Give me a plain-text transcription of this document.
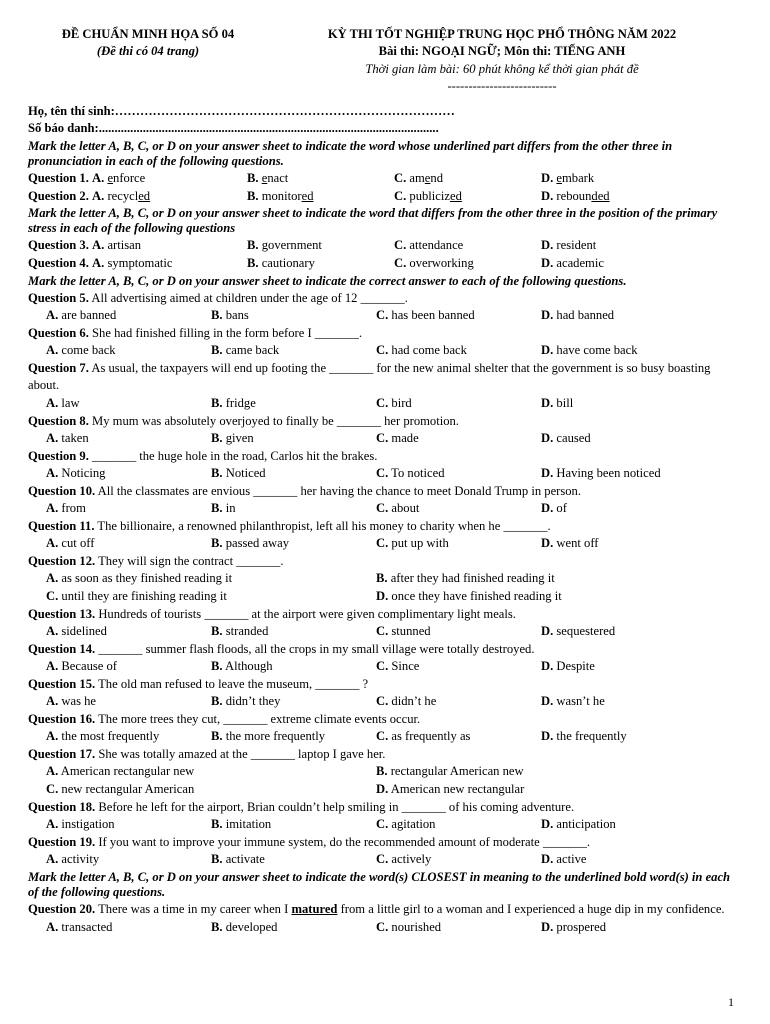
ĐỀ CHUẨN MINH HỌA SỐ 04
(Đề thi có 04 trang)
KỲ THI TỐT NGHIỆP TRUNG HỌC PHỔ THÔNG NĂM 2022
Bài thi: NGOẠI NGỮ; Môn thi: TIẾNG ANH
Thời gian làm bài: 60 phút không kể thời gian phát đề
--------------------------
Họ, tên thí sinh:………………………………………………………………………
Số báo danh:............................................................................................................
Mark the letter A, B, C, or D on your answer sheet to indicate the word whose underlined part differs from the other three in pronunciation in each of the following questions.
Question 1. A. enforce	B. enact	C. amend	D. embark
Question 2. A. recycled	B. monitored	C. publicized	D. rebounded
Mark the letter A, B, C, or D on your answer sheet to indicate the word that differs from the other three in the position of the primary stress in each of the following questions
Question 3. A. artisan	B. government	C. attendance	D. resident
Question 4. A. symptomatic	B. cautionary	C. overworking	D. academic
Mark the letter A, B, C, or D on your answer sheet to indicate the correct answer to each of the following questions.
Question 5. All advertising aimed at children under the age of 12 _______.
A. are banned	B. bans	C. has been banned	D. had banned
Question 6. She had finished filling in the form before I _______.
A. come back	B. came back	C. had come back	D. have come back
Question 7. As usual, the taxpayers will end up footing the _______ for the new animal shelter that the government is so busy boasting about.
A. law	B. fridge	C. bird	D. bill
Question 8. My mum was absolutely overjoyed to finally be _______ her promotion.
A. taken	B. given	C. made	D. caused
Question 9. _______ the huge hole in the road, Carlos hit the brakes.
A. Noticing	B. Noticed	C. To noticed	D. Having been noticed
Question 10. All the classmates are envious _______ her having the chance to meet Donald Trump in person.
A. from	B. in	C. about	D. of
Question 11. The billionaire, a renowned philanthropist, left all his money to charity when he _______.
A. cut off	B. passed away	C. put up with	D. went off
Question 12. They will sign the contract _______.
A. as soon as they finished reading it	B. after they had finished reading it
C. until they are finishing reading it	D. once they have finished reading it
Question 13. Hundreds of tourists _______ at the airport were given complimentary light meals.
A. sidelined	B. stranded	C. stunned	D. sequestered
Question 14. _______ summer flash floods, all the crops in my small village were totally destroyed.
A. Because of	B. Although	C. Since	D. Despite
Question 15. The old man refused to leave the museum, _______ ?
A. was he	B. didn’t they	C. didn’t he	D. wasn’t he
Question 16. The more trees they cut, _______ extreme climate events occur.
A. the most frequently	B. the more frequently	C. as frequently as	D. the frequently
Question 17. She was totally amazed at the _______ laptop I gave her.
A. American rectangular new	B. rectangular American new
C. new rectangular American	D. American new rectangular
Question 18. Before he left for the airport, Brian couldn’t help smiling in _______ of his coming adventure.
A. instigation	B. imitation	C. agitation	D. anticipation
Question 19. If you want to improve your immune system, do the recommended amount of moderate _______.
A. activity	B. activate	C. actively	D. active
Mark the letter A, B, C, or D on your answer sheet to indicate the word(s) CLOSEST in meaning to the underlined bold word(s) in each of the following questions.
Question 20. There was a time in my career when I matured from a little girl to a woman and I experienced a huge dip in my confidence.
A. transacted	B. developed	C. nourished	D. prospered
1
